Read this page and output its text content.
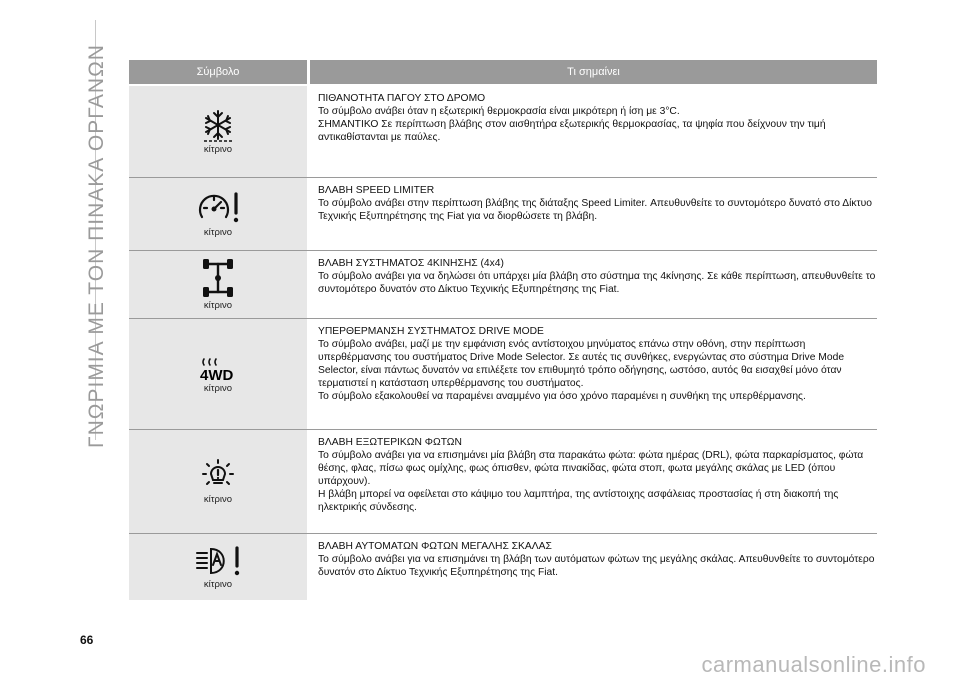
ΓΝΩΡΙΜΙΑ ΜΕ ΤΟΝ ΠΙΝΑΚΑ ΟΡΓΑΝΩΝ	Σύμβολο	Τι σημαίνει
κίτρινο

ΠΙΘΑΝΟΤΗΤΑ ΠΑΓΟΥ ΣΤΟ ΔΡΟΜΟ

Το σύμβολο ανάβει όταν η εξωτερική θερμοκρασία είναι μικρότερη ή ίση με 3°C.

ΣΗΜΑΝΤΙΚΟ Σε περίπτωση βλάβης στον αισθητήρα εξωτερικής θερμοκρασίας, τα ψηφία που δείχνουν την τιμή αντικαθίστανται με παύλες.

κίτρινο

ΒΛΑΒΗ SPEED LIMITER

Το σύμβολο ανάβει στην περίπτωση βλάβης της διάταξης Speed Limiter. Απευθυνθείτε το συντομότερο δυνατό στο Δίκτυο Τεχνικής Εξυπηρέτησης της Fiat για να διορθώσετε τη βλάβη.

κίτρινο

ΒΛΑΒΗ ΣΥΣΤΗΜΑΤΟΣ 4ΚΙΝΗΣΗΣ (4x4)

Το σύμβολο ανάβει για να δηλώσει ότι υπάρχει μία βλάβη στο σύστημα της 4κίνησης. Σε κάθε περίπτωση, απευθυνθείτε το συντομότερο δυνατόν στο Δίκτυο Τεχνικής Εξυπηρέτησης της Fiat.

4WD
κίτρινο

ΥΠΕΡΘΕΡΜΑΝΣΗ ΣΥΣΤΗΜΑΤΟΣ DRIVE MODE

Το σύμβολο ανάβει, μαζί με την εμφάνιση ενός αντίστοιχου μηνύματος επάνω στην οθόνη, στην περίπτωση υπερθέρμανσης του συστήματος Drive Mode Selector. Σε αυτές τις συνθήκες, ενεργώντας στο σύστημα Drive Mode Selector, είναι πάντως δυνατόν να επιλέξετε τον επιθυμητό τρόπο οδήγησης, ωστόσο, αυτός θα εισαχθεί μόνο όταν τερματιστεί η κατάσταση υπερθέρμανσης του συστήματος.

Το σύμβολο εξακολουθεί να παραμένει αναμμένο για όσο χρόνο παραμένει η συνθήκη της υπερθέρμανσης.

κίτρινο

ΒΛΑΒΗ ΕΞΩΤΕΡΙΚΩΝ ΦΩΤΩΝ

Το σύμβολο ανάβει για να επισημάνει μία βλάβη στα παρακάτω φώτα: φώτα ημέρας (DRL), φώτα παρκαρίσματος, φώτα θέσης, φλας, πίσω φως ομίχλης, φως όπισθεν, φώτα πινακίδας, φώτα στοπ, φωτα μεγάλης σκάλας με LED (όπου υπάρχουν).

Η βλάβη μπορεί να οφείλεται στο κάψιμο του λαμπτήρα, της αντίστοιχης ασφάλειας προστασίας ή στη διακοπή της ηλεκτρικής σύνδεσης.

κίτρινο

ΒΛΑΒΗ ΑΥΤΟΜΑΤΩΝ ΦΩΤΩΝ ΜΕΓΑΛΗΣ ΣΚΑΛΑΣ

Το σύμβολο ανάβει για να επισημάνει τη βλάβη των αυτόματων φώτων της μεγάλης σκάλας. Απευθυνθείτε το συντομότερο δυνατόν στο Δίκτυο Τεχνικής Εξυπηρέτησης της Fiat.

66
carmanualsonline.info
